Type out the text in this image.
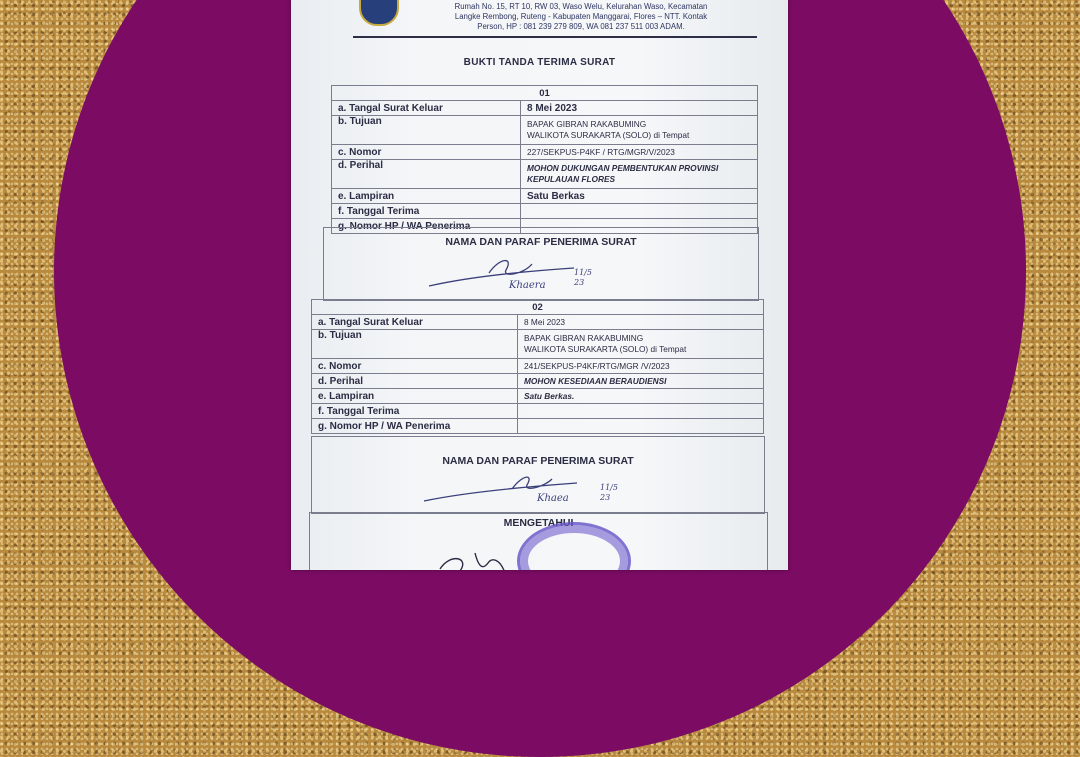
Rumah No. 15, RT 10, RW 03, Waso Welu, Kelurahan Waso, Kecamatan
Langke Rembong, Ruteng - Kabupaten Manggarai, Flores – NTT. Kontak
Person, HP : 081 239 279 809, WA 081 237 511 003 ADAM.
BUKTI TANDA TERIMA SURAT
01	
a. Tangal Surat Keluar	8 Mei 2023
b. Tujuan	BAPAK GIBRAN RAKABUMING
WALIKOTA SURAKARTA (SOLO) di Tempat

c. Nomor	227/SEKPUS-P4KF / RTG/MGR/V/2023
d. Perihal	MOHON DUKUNGAN PEMBENTUKAN PROVINSI
KEPULAUAN FLORES

e. Lampiran	Satu Berkas
f. Tanggal Terima	
g. Nomor HP / WA Penerima	
NAMA DAN PARAF PENERIMA SURAT
Khaera
11/5
23
02	
a. Tangal Surat Keluar	8 Mei 2023
b. Tujuan	BAPAK GIBRAN RAKABUMING
WALIKOTA SURAKARTA (SOLO) di Tempat

c. Nomor	241/SEKPUS-P4KF/RTG/MGR /V/2023
d. Perihal	MOHON KESEDIAAN BERAUDIENSI
e. Lampiran	Satu Berkas.
f. Tanggal Terima	
g. Nomor HP / WA Penerima	
NAMA DAN PARAF PENERIMA SURAT
Khaea
11/5
23
MENGETAHUI
